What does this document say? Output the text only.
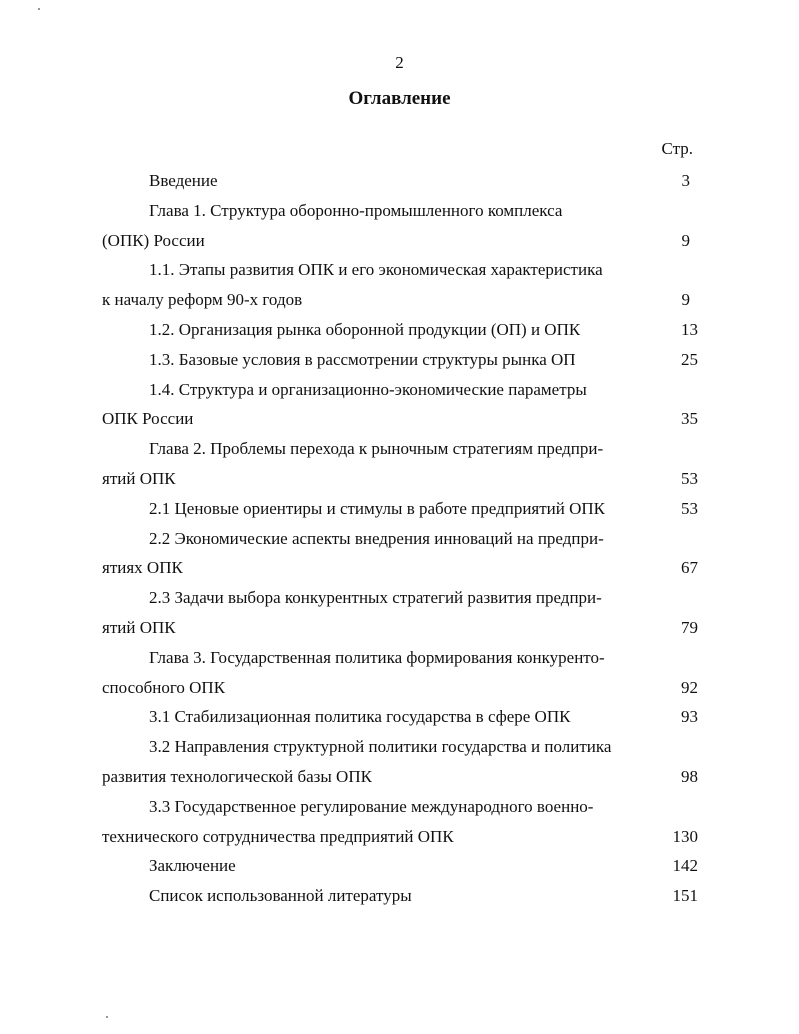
2
Оглавление
Стр.
Введение	3
Глава 1. Структура оборонно-промышленного комплекса
(ОПК) России	9
1.1. Этапы развития ОПК и его экономическая характеристика
к началу реформ 90-х годов	9
1.2. Организация рынка оборонной продукции (ОП) и ОПК	13
1.3. Базовые условия в рассмотрении структуры рынка ОП	25
1.4. Структура и организационно-экономические параметры
ОПК России	35
Глава 2. Проблемы перехода к рыночным стратегиям предпри-
ятий ОПК	53
2.1 Ценовые ориентиры и стимулы в работе предприятий ОПК	53
2.2 Экономические аспекты внедрения инноваций на предпри-
ятиях ОПК	67
2.3 Задачи выбора конкурентных стратегий развития предпри-
ятий ОПК	79
Глава 3. Государственная политика формирования конкуренто-
способного ОПК	92
3.1 Стабилизационная политика государства в сфере ОПК	93
3.2 Направления структурной политики государства и политика
развития технологической базы ОПК	98
3.3 Государственное регулирование международного военно-
технического сотрудничества предприятий ОПК	130
Заключение	142
Список использованной литературы	151
